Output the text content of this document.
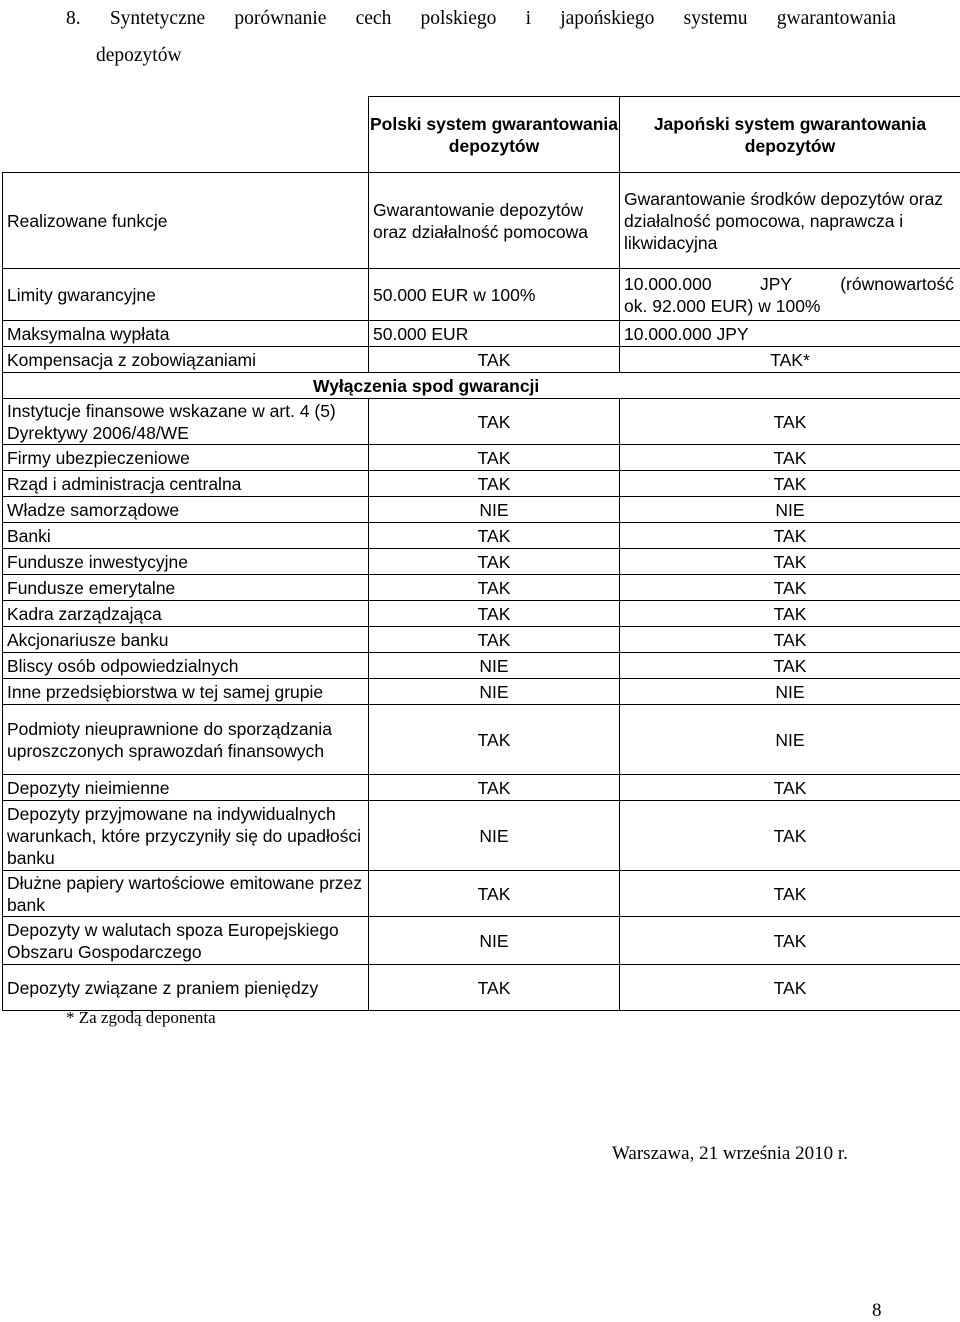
8. Syntetyczne porównanie cech polskiego i japońskiego systemu gwarantowania
depozytów
	Polski system gwarantowania depozytów	Japoński system gwarantowania depozytów
Realizowane funkcje	Gwarantowanie depozytów oraz działalność pomocowa	Gwarantowanie środków depozytów oraz działalność pomocowa, naprawcza i likwidacyjna
Limity gwarancyjne	50.000 EUR w 100%	10.000.000 JPY (równowartość
ok. 92.000 EUR) w 100%

Maksymalna wypłata	50.000 EUR	10.000.000 JPY
Kompensacja z zobowiązaniami	TAK	TAK*
Wyłączenia spod gwarancji		
Instytucje finansowe wskazane w art. 4 (5) Dyrektywy 2006/48/WE	TAK	TAK
Firmy ubezpieczeniowe	TAK	TAK
Rząd i administracja centralna	TAK	TAK
Władze samorządowe	NIE	NIE
Banki	TAK	TAK
Fundusze inwestycyjne	TAK	TAK
Fundusze emerytalne	TAK	TAK
Kadra zarządzająca	TAK	TAK
Akcjonariusze banku	TAK	TAK
Bliscy osób odpowiedzialnych	NIE	TAK
Inne przedsiębiorstwa w tej samej grupie	NIE	NIE
Podmioty nieuprawnione do sporządzania uproszczonych sprawozdań finansowych	TAK	NIE
Depozyty nieimienne	TAK	TAK
Depozyty przyjmowane na indywidualnych warunkach, które przyczyniły się do upadłości banku	NIE	TAK
Dłużne papiery wartościowe emitowane przez bank	TAK	TAK
Depozyty w walutach spoza Europejskiego Obszaru Gospodarczego	NIE	TAK
Depozyty związane z praniem pieniędzy	TAK	TAK
* Za zgodą deponenta
Warszawa, 21 września 2010 r.
8
